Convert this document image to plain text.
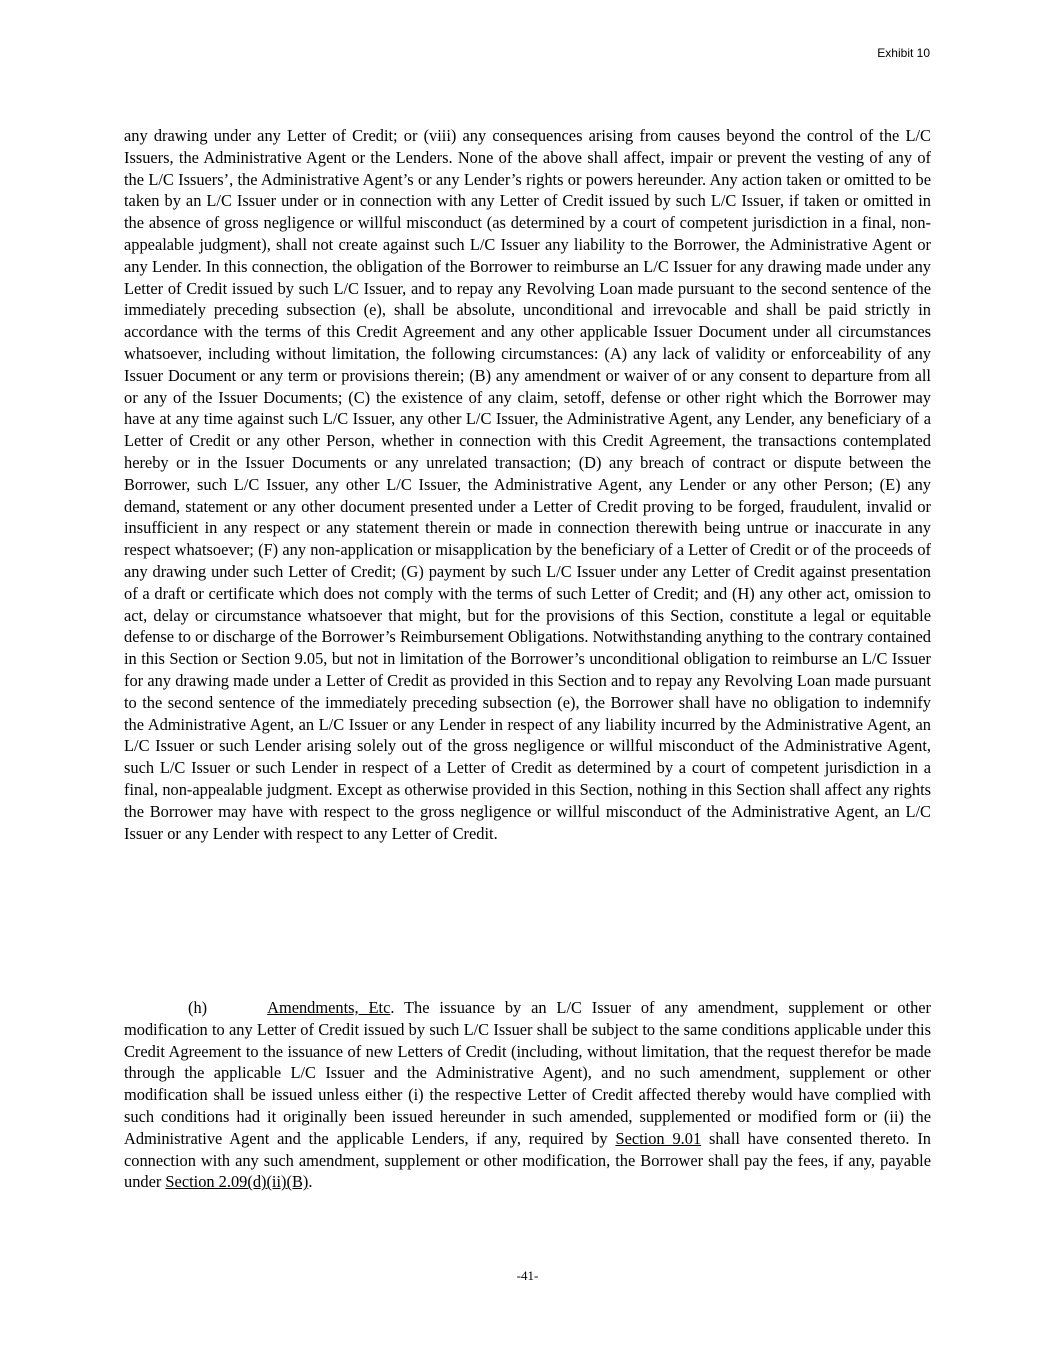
Exhibit 10

any drawing under any Letter of Credit; or (viii) any consequences arising from causes beyond the control of the L/C Issuers, the Administrative Agent or the Lenders. None of the above shall affect, impair or prevent the vesting of any of the L/C Issuers’, the Administrative Agent’s or any Lender’s rights or powers hereunder. Any action taken or omitted to be taken by an L/C Issuer under or in connection with any Letter of Credit issued by such L/C Issuer, if taken or omitted in the absence of gross negligence or willful misconduct (as determined by a court of competent jurisdiction in a final, non-appealable judgment), shall not create against such L/C Issuer any liability to the Borrower, the Administrative Agent or any Lender. In this connection, the obligation of the Borrower to reimburse an L/C Issuer for any drawing made under any Letter of Credit issued by such L/C Issuer, and to repay any Revolving Loan made pursuant to the second sentence of the immediately preceding subsection (e), shall be absolute, unconditional and irrevocable and shall be paid strictly in accordance with the terms of this Credit Agreement and any other applicable Issuer Document under all circumstances whatsoever, including without limitation, the following circumstances: (A) any lack of validity or enforceability of any Issuer Document or any term or provisions therein; (B) any amendment or waiver of or any consent to departure from all or any of the Issuer Documents; (C) the existence of any claim, setoff, defense or other right which the Borrower may have at any time against such L/C Issuer, any other L/C Issuer, the Administrative Agent, any Lender, any beneficiary of a Letter of Credit or any other Person, whether in connection with this Credit Agreement, the transactions contemplated hereby or in the Issuer Documents or any unrelated transaction; (D) any breach of contract or dispute between the Borrower, such L/C Issuer, any other L/C Issuer, the Administrative Agent, any Lender or any other Person; (E) any demand, statement or any other document presented under a Letter of Credit proving to be forged, fraudulent, invalid or insufficient in any respect or any statement therein or made in connection therewith being untrue or inaccurate in any respect whatsoever; (F) any non-application or misapplication by the beneficiary of a Letter of Credit or of the proceeds of any drawing under such Letter of Credit; (G) payment by such L/C Issuer under any Letter of Credit against presentation of a draft or certificate which does not comply with the terms of such Letter of Credit; and (H) any other act, omission to act, delay or circumstance whatsoever that might, but for the provisions of this Section, constitute a legal or equitable defense to or discharge of the Borrower’s Reimbursement Obligations. Notwithstanding anything to the contrary contained in this Section or Section 9.05, but not in limitation of the Borrower’s unconditional obligation to reimburse an L/C Issuer for any drawing made under a Letter of Credit as provided in this Section and to repay any Revolving Loan made pursuant to the second sentence of the immediately preceding subsection (e), the Borrower shall have no obligation to indemnify the Administrative Agent, an L/C Issuer or any Lender in respect of any liability incurred by the Administrative Agent, an L/C Issuer or such Lender arising solely out of the gross negligence or willful misconduct of the Administrative Agent, such L/C Issuer or such Lender in respect of a Letter of Credit as determined by a court of competent jurisdiction in a final, non-appealable judgment. Except as otherwise provided in this Section, nothing in this Section shall affect any rights the Borrower may have with respect to the gross negligence or willful misconduct of the Administrative Agent, an L/C Issuer or any Lender with respect to any Letter of Credit.

(h)	Amendments, Etc. The issuance by an L/C Issuer of any amendment, supplement or other modification to any Letter of Credit issued by such L/C Issuer shall be subject to the same conditions applicable under this Credit Agreement to the issuance of new Letters of Credit (including, without limitation, that the request therefor be made through the applicable L/C Issuer and the Administrative Agent), and no such amendment, supplement or other modification shall be issued unless either (i) the respective Letter of Credit affected thereby would have complied with such conditions had it originally been issued hereunder in such amended, supplemented or modified form or (ii) the Administrative Agent and the applicable Lenders, if any, required by Section 9.01 shall have consented thereto. In connection with any such amendment, supplement or other modification, the Borrower shall pay the fees, if any, payable under Section 2.09(d)(ii)(B).

-41-
